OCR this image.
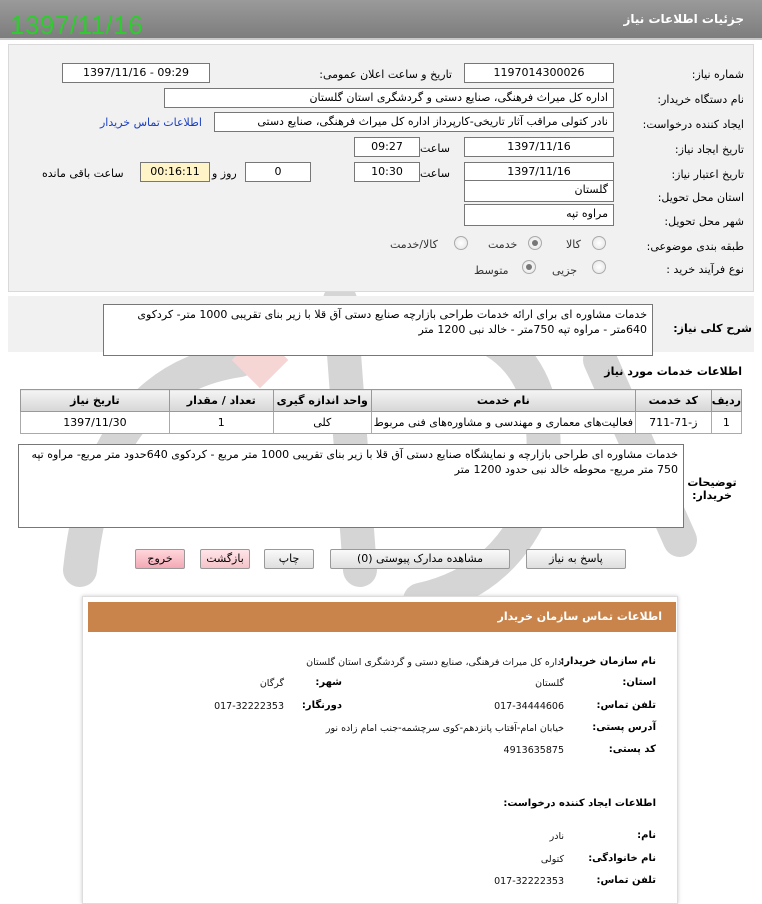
جزئیات اطلاعات نیاز
1397/11/16
شماره نیاز:
1197014300026
تاریخ و ساعت اعلان عمومی:
1397/11/16 - 09:29
نام دستگاه خریدار:
اداره کل میراث فرهنگی، صنایع دستی و گردشگری استان گلستان
ایجاد کننده درخواست:
نادر کتولی مراقب آثار تاریخی-کارپرداز اداره کل میراث فرهنگی، صنایع دستی
اطلاعات تماس خریدار
تاریخ ایجاد نیاز:
1397/11/16
ساعت
09:27
تاریخ اعتبار نیاز:
1397/11/16
ساعت
10:30
0
روز و
00:16:11
ساعت باقی مانده
استان محل تحویل:
گلستان
شهر محل تحویل:
مراوه تپه
طبقه بندی موضوعی:
کالا
خدمت
کالا/خدمت
نوع فرآیند خرید :
جزیی
متوسط
شرح کلی نیاز:
خدمات مشاوره ای برای ارائه خدمات طراحی بازارچه صنایع دستی آق قلا با زیر بنای تقریبی 1000 متر- کردکوی 640متر - مراوه تپه 750متر - خالد نبی 1200 متر
اطلاعات خدمات مورد نیاز
ردیف	کد خدمت	نام خدمت	واحد اندازه گیری	تعداد / مقدار	تاریخ نیاز
1	ز-71-711	فعالیت‌های معماری و مهندسی و مشاوره‌های فنی مربوط	کلی	1	1397/11/30
توضیحات خریدار:
خدمات مشاوره ای طراحی بازارچه و نمایشگاه صنایع دستی آق قلا با زیر بنای تقریبی 1000 متر مربع - کردکوی 640حدود متر مربع- مراوه تپه 750 متر مربع- محوطه خالد نبی حدود 1200 متر
پاسخ به نیاز
مشاهده مدارک پیوستی (0)
چاپ
بازگشت
خروج
اطلاعات تماس سازمان خریدار
نام سازمان خریدار:
اداره کل میراث فرهنگی، صنایع دستی و گردشگری استان گلستان
استان:
گلستان
شهر:
گرگان
تلفن تماس:
017-34444606
دورنگار:
017-32222353
آدرس پستی:
خیابان امام-آفتاب پانزدهم-کوی سرچشمه-جنب امام زاده نور
کد پستی:
4913635875
اطلاعات ایجاد کننده درخواست:
نام:
نادر
نام خانوادگی:
کتولی
تلفن تماس:
017-32222353
